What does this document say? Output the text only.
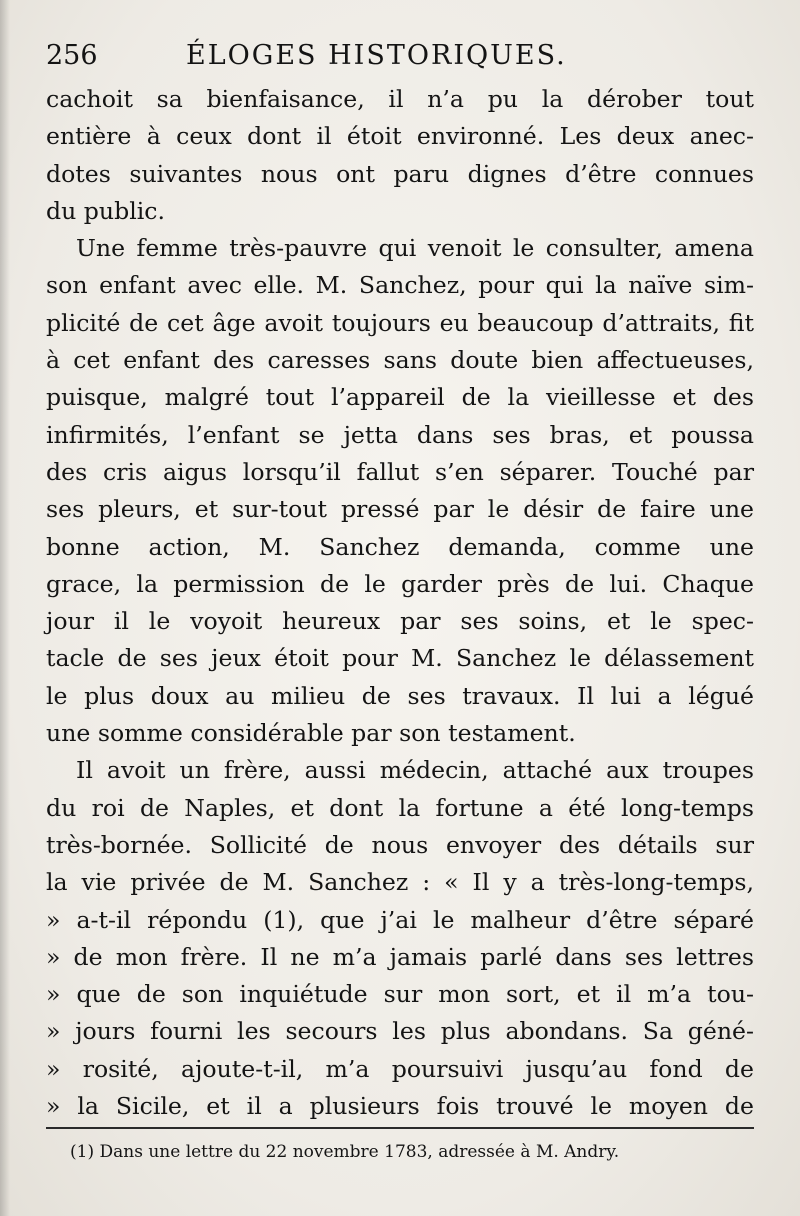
256	ÉLOGES HISTORIQUES.
cachoit sa bienfaisance, il n’a pu la dérober tout
entière à ceux dont il étoit environné. Les deux anec-
dotes suivantes nous ont paru dignes d’être connues
du public.
Une femme très-pauvre qui venoit le consulter, amena
son enfant avec elle. M. Sanchez, pour qui la naïve sim-
plicité de cet âge avoit toujours eu beaucoup d’attraits, fit
à cet enfant des caresses sans doute bien affectueuses,
puisque, malgré tout l’appareil de la vieillesse et des
infirmités, l’enfant se jetta dans ses bras, et poussa
des cris aigus lorsqu’il fallut s’en séparer. Touché par
ses pleurs, et sur-tout pressé par le désir de faire une
bonne action, M. Sanchez demanda, comme une
grace, la permission de le garder près de lui. Chaque
jour il le voyoit heureux par ses soins, et le spec-
tacle de ses jeux étoit pour M. Sanchez le délassement
le plus doux au milieu de ses travaux. Il lui a légué
une somme considérable par son testament.
Il avoit un frère, aussi médecin, attaché aux troupes
du roi de Naples, et dont la fortune a été long-temps
très-bornée. Sollicité de nous envoyer des détails sur
la vie privée de M. Sanchez : « Il y a très-long-temps,
» a-t-il répondu (1), que j’ai le malheur d’être séparé
» de mon frère. Il ne m’a jamais parlé dans ses lettres
» que de son inquiétude sur mon sort, et il m’a tou-
» jours fourni les secours les plus abondans. Sa géné-
» rosité, ajoute-t-il, m’a poursuivi jusqu’au fond de
» la Sicile, et il a plusieurs fois trouvé le moyen de
(1) Dans une lettre du 22 novembre 1783, adressée à M. Andry.
